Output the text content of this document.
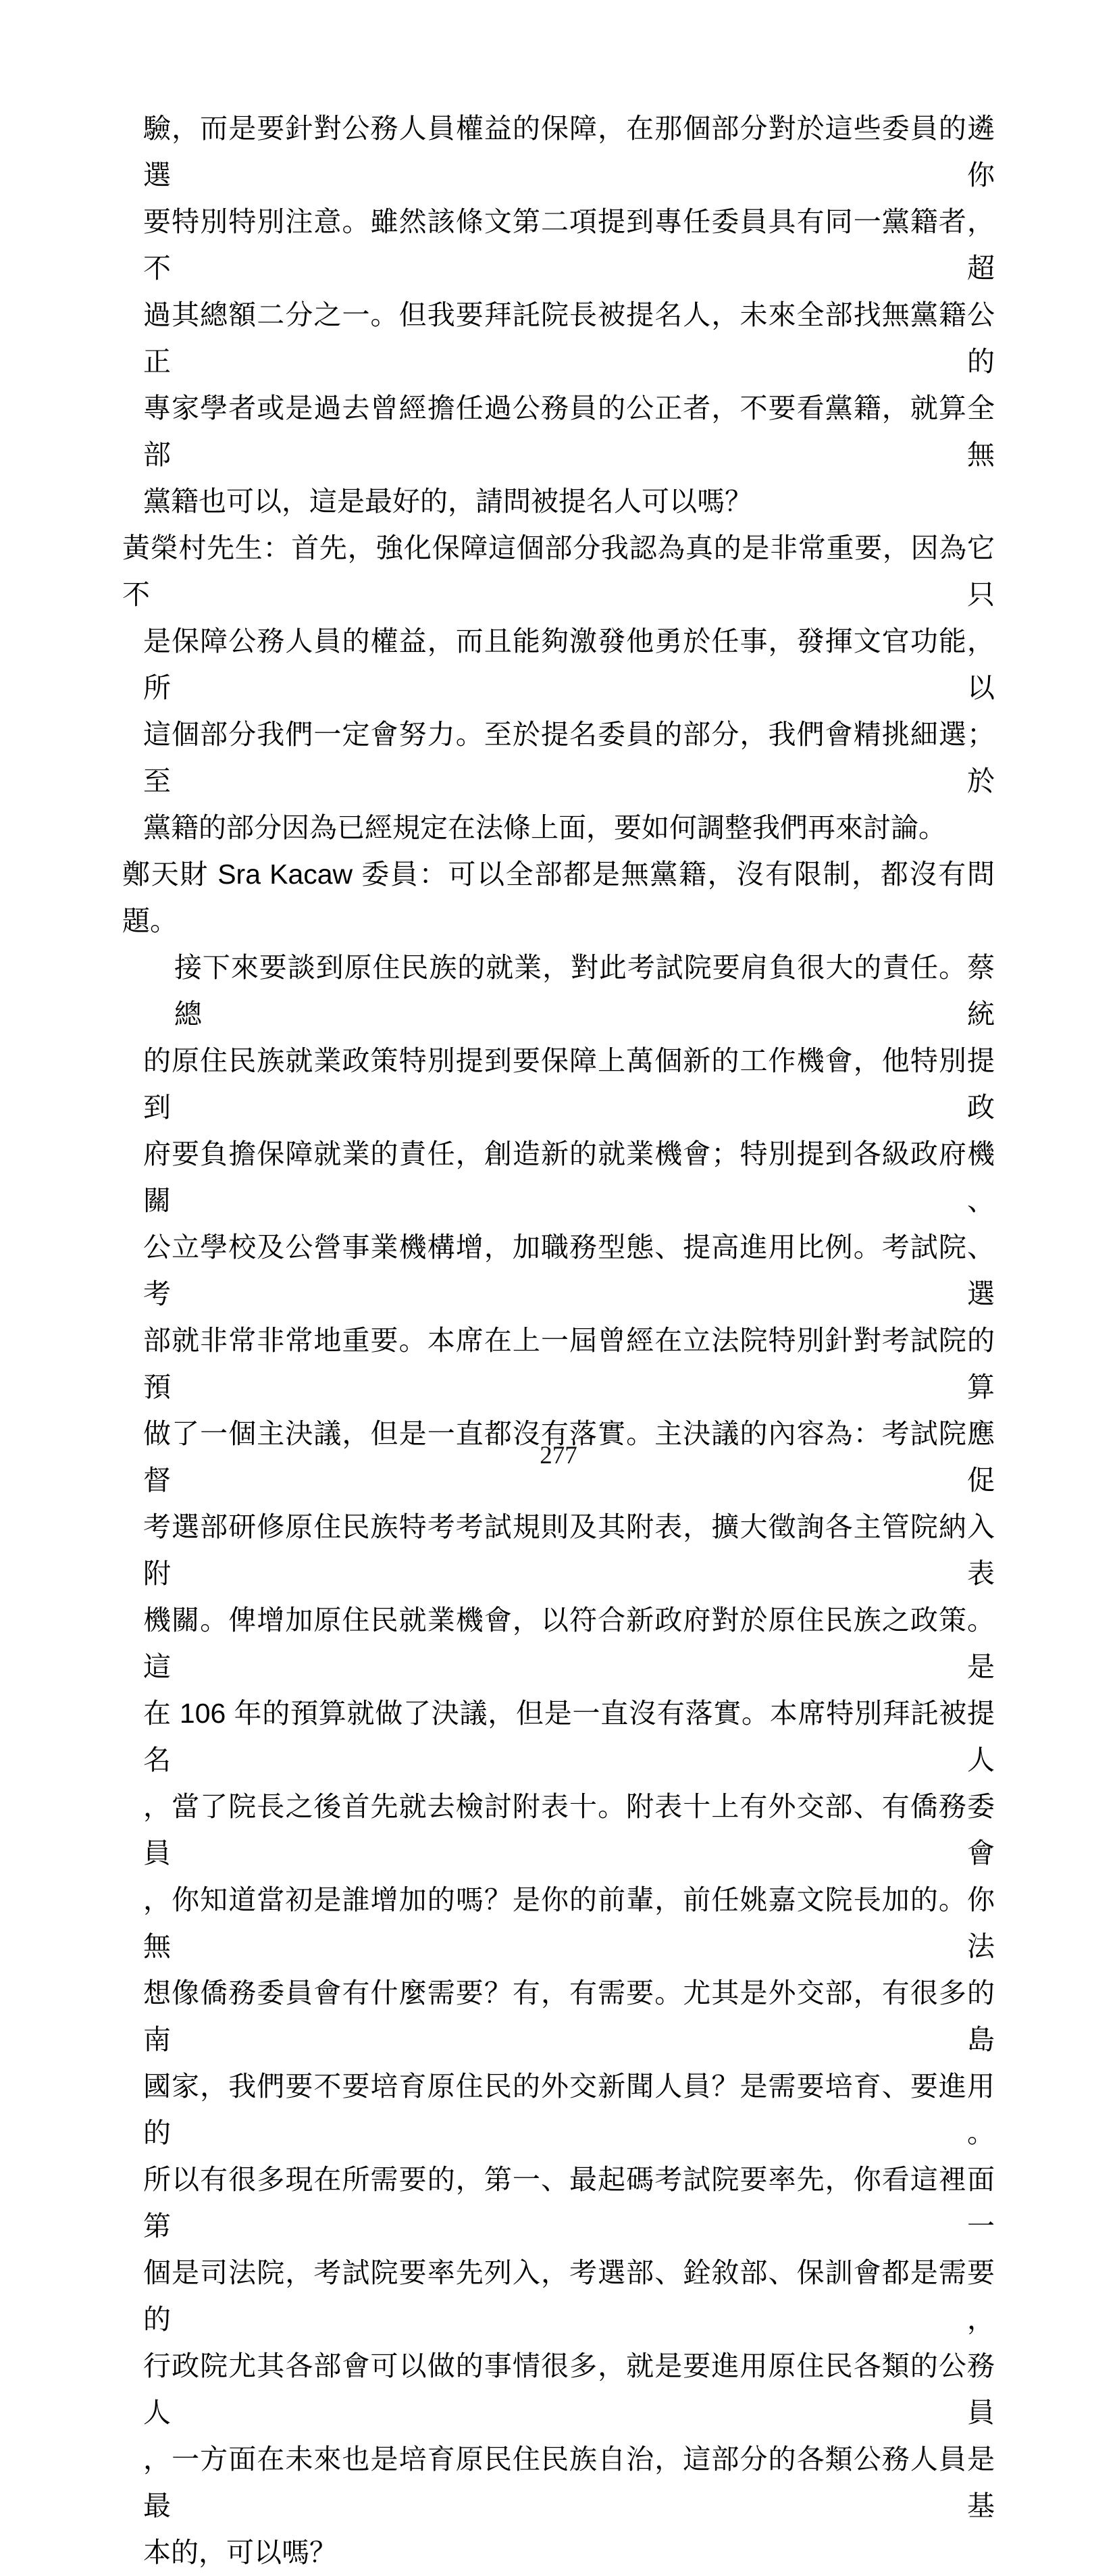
驗，而是要針對公務人員權益的保障，在那個部分對於這些委員的遴選你
要特別特別注意。雖然該條文第二項提到專任委員具有同一黨籍者，不超
過其總額二分之一。但我要拜託院長被提名人，未來全部找無黨籍公正的
專家學者或是過去曾經擔任過公務員的公正者，不要看黨籍，就算全部無
黨籍也可以，這是最好的，請問被提名人可以嗎？
黃榮村先生：首先，強化保障這個部分我認為真的是非常重要，因為它不只
是保障公務人員的權益，而且能夠激發他勇於任事，發揮文官功能，所以
這個部分我們一定會努力。至於提名委員的部分，我們會精挑細選；至於
黨籍的部分因為已經規定在法條上面，要如何調整我們再來討論。
鄭天財 Sra Kacaw 委員：可以全部都是無黨籍，沒有限制，都沒有問題。
接下來要談到原住民族的就業，對此考試院要肩負很大的責任。蔡總統
的原住民族就業政策特別提到要保障上萬個新的工作機會，他特別提到政
府要負擔保障就業的責任，創造新的就業機會；特別提到各級政府機關、
公立學校及公營事業機構增，加職務型態、提高進用比例。考試院、考選
部就非常非常地重要。本席在上一屆曾經在立法院特別針對考試院的預算
做了一個主決議，但是一直都沒有落實。主決議的內容為：考試院應督促
考選部研修原住民族特考考試規則及其附表，擴大徵詢各主管院納入附表
機關。俾增加原住民就業機會，以符合新政府對於原住民族之政策。這是
在 106 年的預算就做了決議，但是一直沒有落實。本席特別拜託被提名人
，當了院長之後首先就去檢討附表十。附表十上有外交部、有僑務委員會
，你知道當初是誰增加的嗎？是你的前輩，前任姚嘉文院長加的。你無法
想像僑務委員會有什麼需要？有，有需要。尤其是外交部，有很多的南島
國家，我們要不要培育原住民的外交新聞人員？是需要培育、要進用的。
所以有很多現在所需要的，第一、最起碼考試院要率先，你看這裡面第一
個是司法院，考試院要率先列入，考選部、銓敘部、保訓會都是需要的，
行政院尤其各部會可以做的事情很多，就是要進用原住民各類的公務人員
，一方面在未來也是培育原民住民族自治，這部分的各類公務人員是最基
本的，可以嗎？
277
